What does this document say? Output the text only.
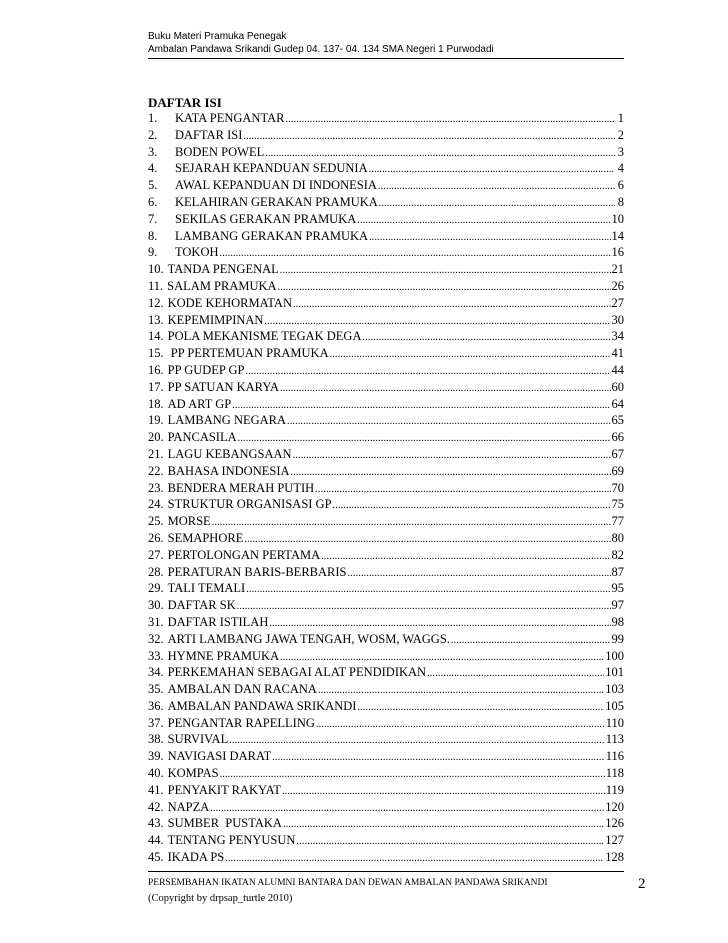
Buku Materi Pramuka Penegak
Ambalan Pandawa Srikandi Gudep 04. 137- 04. 134 SMA Negeri 1 Purwodadi
DAFTAR ISI
1.	KATA PENGANTAR .....	1
2.	DAFTAR ISI .....	2
3.	BODEN POWEL .....	3
4.	SEJARAH KEPANDUAN SEDUNIA .....	4
5.	AWAL KEPANDUAN DI INDONESIA .....	6
6.	KELAHIRAN GERAKAN PRAMUKA .....	8
7.	SEKILAS GERAKAN PRAMUKA .....	10
8.	LAMBANG GERAKAN PRAMUKA .....	14
9.	TOKOH .....	16
10. TANDA PENGENAL .....	21
11. SALAM PRAMUKA .....	26
12. KODE KEHORMATAN .....	27
13. KEPEMIMPINAN .....	30
14. POLA MEKANISME TEGAK DEGA .....	34
15. PP PERTEMUAN PRAMUKA .....	41
16. PP GUDEP GP .....	44
17. PP SATUAN KARYA .....	60
18. AD ART GP .....	64
19. LAMBANG NEGARA .....	65
20. PANCASILA .....	66
21. LAGU KEBANGSAAN .....	67
22. BAHASA INDONESIA .....	69
23. BENDERA MERAH PUTIH .....	70
24. STRUKTUR ORGANISASI GP .....	75
25. MORSE .....	77
26. SEMAPHORE .....	80
27. PERTOLONGAN PERTAMA .....	82
28. PERATURAN BARIS-BERBARIS .....	87
29. TALI TEMALI .....	95
30. DAFTAR SK .....	97
31. DAFTAR ISTILAH .....	98
32. ARTI LAMBANG JAWA TENGAH, WOSM, WAGGS. .....	99
33. HYMNE PRAMUKA .....	100
34. PERKEMAHAN SEBAGAI ALAT PENDIDIKAN .....	101
35. AMBALAN DAN RACANA .....	103
36. AMBALAN PANDAWA SRIKANDI .....	105
37. PENGANTAR RAPELLING .....	110
38. SURVIVAL .....	113
39. NAVIGASI DARAT .....	116
40. KOMPAS .....	118
41. PENYAKIT RAKYAT .....	119
42. NAPZA .....	120
43. SUMBER  PUSTAKA .....	126
44. TENTANG PENYUSUN .....	127
45. IKADA PS .....	128
PERSEMBAHAN IKATAN ALUMNI BANTARA DAN DEWAN AMBALAN PANDAWA SRIKANDI
(Copyright by drpsap_turtle 2010)
2
